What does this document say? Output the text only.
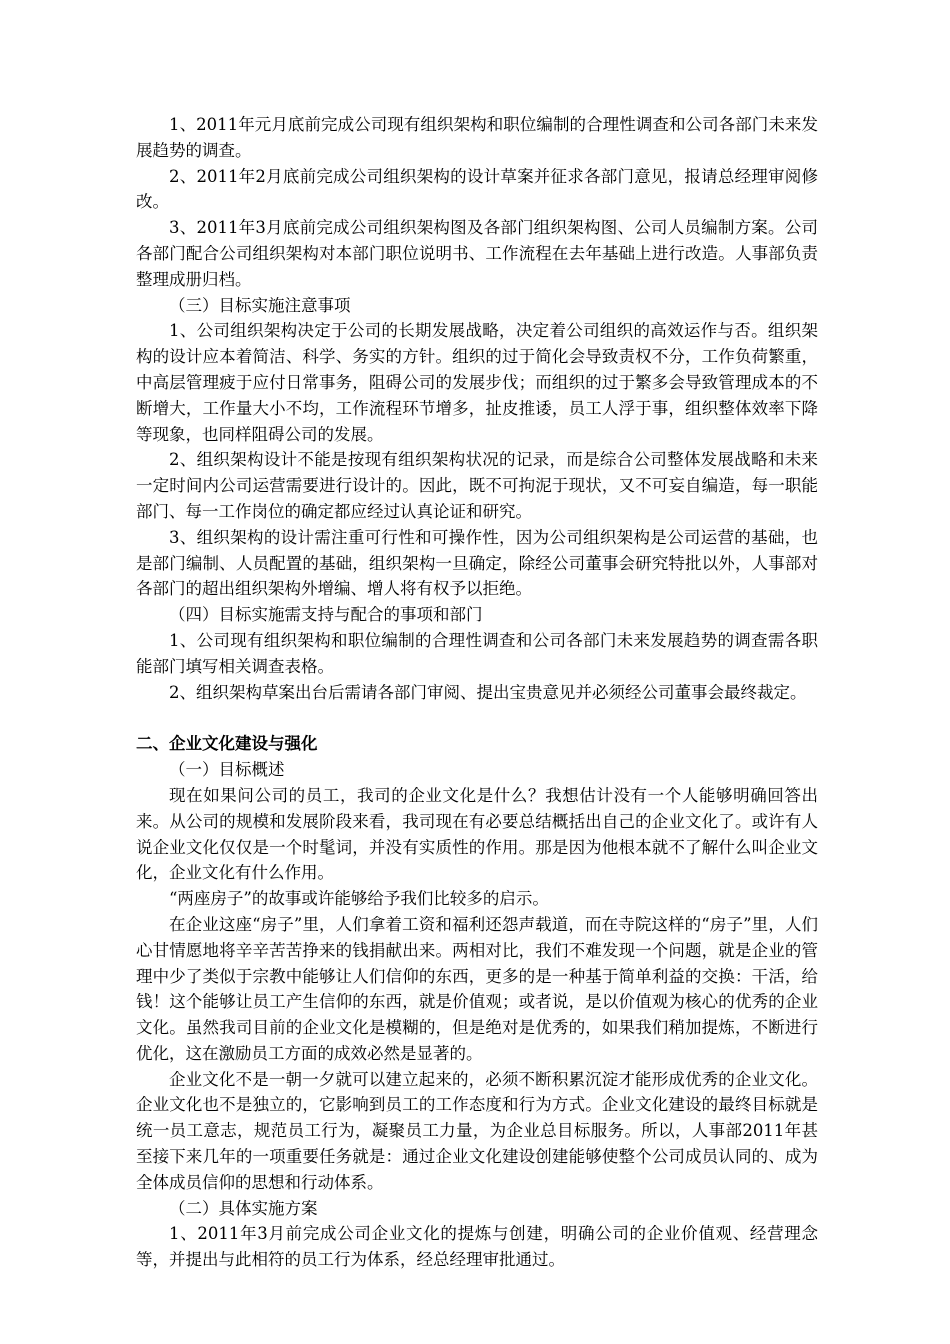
1、2011年元月底前完成公司现有组织架构和职位编制的合理性调查和公司各部门未来发展趋势的调查。
2、2011年2月底前完成公司组织架构的设计草案并征求各部门意见，报请总经理审阅修改。
3、2011年3月底前完成公司组织架构图及各部门组织架构图、公司人员编制方案。公司各部门配合公司组织架构对本部门职位说明书、工作流程在去年基础上进行改造。人事部负责整理成册归档。
（三）目标实施注意事项
1、公司组织架构决定于公司的长期发展战略，决定着公司组织的高效运作与否。组织架构的设计应本着简洁、科学、务实的方针。组织的过于简化会导致责权不分，工作负荷繁重，中高层管理疲于应付日常事务，阻碍公司的发展步伐；而组织的过于繁多会导致管理成本的不断增大，工作量大小不均，工作流程环节增多，扯皮推诿，员工人浮于事，组织整体效率下降等现象，也同样阻碍公司的发展。
2、组织架构设计不能是按现有组织架构状况的记录，而是综合公司整体发展战略和未来一定时间内公司运营需要进行设计的。因此，既不可拘泥于现状，又不可妄自编造，每一职能部门、每一工作岗位的确定都应经过认真论证和研究。
3、组织架构的设计需注重可行性和可操作性，因为公司组织架构是公司运营的基础，也是部门编制、人员配置的基础，组织架构一旦确定，除经公司董事会研究特批以外，人事部对各部门的超出组织架构外增编、增人将有权予以拒绝。
（四）目标实施需支持与配合的事项和部门
1、公司现有组织架构和职位编制的合理性调查和公司各部门未来发展趋势的调查需各职能部门填写相关调查表格。
2、组织架构草案出台后需请各部门审阅、提出宝贵意见并必须经公司董事会最终裁定。
二、企业文化建设与强化
（一）目标概述
现在如果问公司的员工，我司的企业文化是什么？我想估计没有一个人能够明确回答出来。从公司的规模和发展阶段来看，我司现在有必要总结概括出自己的企业文化了。或许有人说企业文化仅仅是一个时髦词，并没有实质性的作用。那是因为他根本就不了解什么叫企业文化，企业文化有什么作用。
“两座房子”的故事或许能够给予我们比较多的启示。
在企业这座“房子”里，人们拿着工资和福利还怨声载道，而在寺院这样的“房子”里，人们心甘情愿地将辛辛苦苦挣来的钱捐献出来。两相对比，我们不难发现一个问题，就是企业的管理中少了类似于宗教中能够让人们信仰的东西，更多的是一种基于简单利益的交换：干活，给钱！这个能够让员工产生信仰的东西，就是价值观；或者说，是以价值观为核心的优秀的企业文化。虽然我司目前的企业文化是模糊的，但是绝对是优秀的，如果我们稍加提炼，不断进行优化，这在激励员工方面的成效必然是显著的。
企业文化不是一朝一夕就可以建立起来的，必须不断积累沉淀才能形成优秀的企业文化。企业文化也不是独立的，它影响到员工的工作态度和行为方式。企业文化建设的最终目标就是统一员工意志，规范员工行为，凝聚员工力量，为企业总目标服务。所以，人事部2011年甚至接下来几年的一项重要任务就是：通过企业文化建设创建能够使整个公司成员认同的、成为全体成员信仰的思想和行动体系。
（二）具体实施方案
1、2011年3月前完成公司企业文化的提炼与创建，明确公司的企业价值观、经营理念等，并提出与此相符的员工行为体系，经总经理审批通过。
